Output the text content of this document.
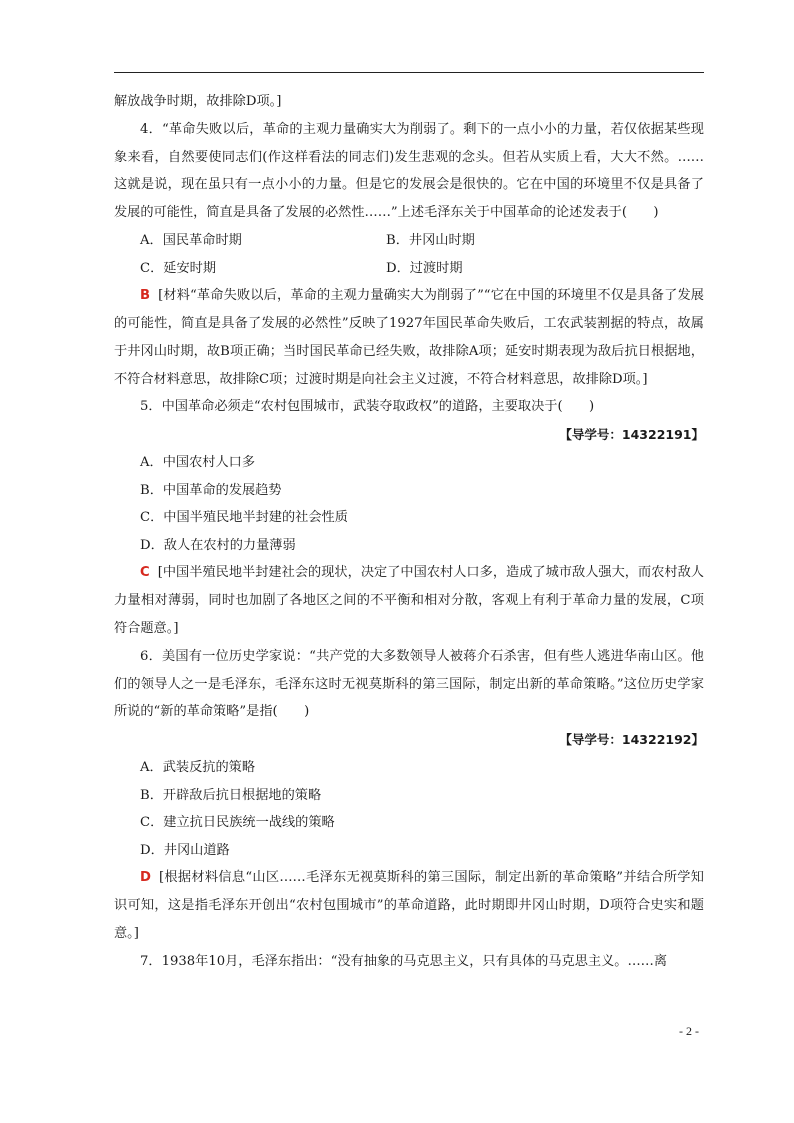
解放战争时期，故排除D项。]

4．“革命失败以后，革命的主观力量确实大为削弱了。剩下的一点小小的力量，若仅依据某些现象来看，自然要使同志们(作这样看法的同志们)发生悲观的念头。但若从实质上看，大大不然。……这就是说，现在虽只有一点小小的力量。但是它的发展会是很快的。它在中国的环境里不仅是具备了发展的可能性，简直是具备了发展的必然性……”上述毛泽东关于中国革命的论述发表于(　　)

A．国民革命时期	B．井冈山时期
C．延安时期	D．过渡时期

B [材料“革命失败以后，革命的主观力量确实大为削弱了”“它在中国的环境里不仅是具备了发展的可能性，简直是具备了发展的必然性”反映了1927年国民革命失败后，工农武装割据的特点，故属于井冈山时期，故B项正确；当时国民革命已经失败，故排除A项；延安时期表现为敌后抗日根据地，不符合材料意思，故排除C项；过渡时期是向社会主义过渡，不符合材料意思，故排除D项。]

5．中国革命必须走“农村包围城市，武装夺取政权”的道路，主要取决于(　　)

【导学号：14322191】
A．中国农村人口多
B．中国革命的发展趋势
C．中国半殖民地半封建的社会性质
D．敌人在农村的力量薄弱

C [中国半殖民地半封建社会的现状，决定了中国农村人口多，造成了城市敌人强大，而农村敌人力量相对薄弱，同时也加剧了各地区之间的不平衡和相对分散，客观上有利于革命力量的发展，C项符合题意。]

6．美国有一位历史学家说：“共产党的大多数领导人被蒋介石杀害，但有些人逃进华南山区。他们的领导人之一是毛泽东，毛泽东这时无视莫斯科的第三国际，制定出新的革命策略。”这位历史学家所说的“新的革命策略”是指(　　)

【导学号：14322192】
A．武装反抗的策略
B．开辟敌后抗日根据地的策略
C．建立抗日民族统一战线的策略
D．井冈山道路

D [根据材料信息“山区……毛泽东无视莫斯科的第三国际，制定出新的革命策略”并结合所学知识可知，这是指毛泽东开创出“农村包围城市”的革命道路，此时期即井冈山时期，D项符合史实和题意。]

7．1938年10月，毛泽东指出：“没有抽象的马克思主义，只有具体的马克思主义。……离

- 2 -
